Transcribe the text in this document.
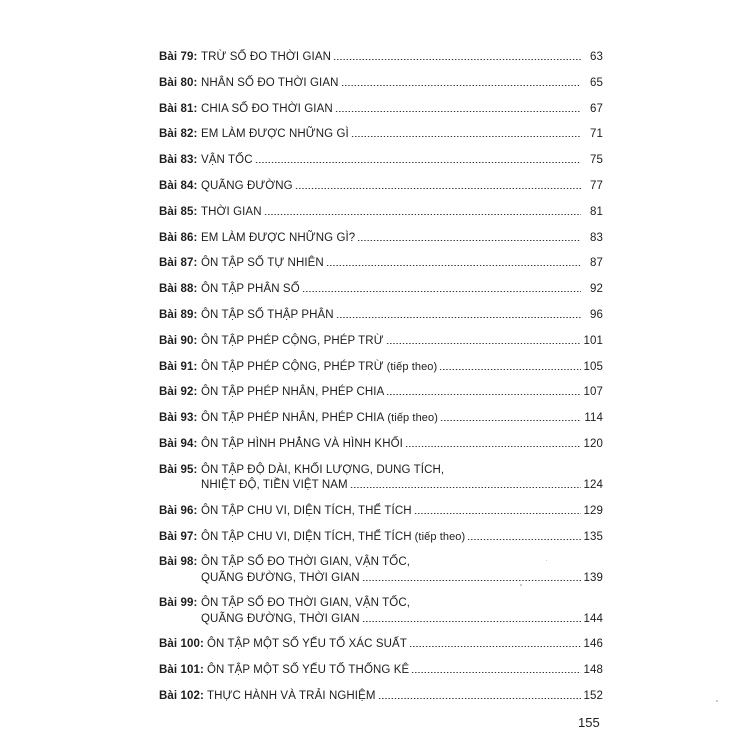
Bài 79: TRỪ SỐ ĐO THỜI GIAN	63
Bài 80: NHÂN SỐ ĐO THỜI GIAN	65
Bài 81: CHIA SỐ ĐO THỜI GIAN	67
Bài 82: EM LÀM ĐƯỢC NHỮNG GÌ	71
Bài 83: VẬN TỐC	75
Bài 84: QUÃNG ĐƯỜNG	77
Bài 85: THỜI GIAN	81
Bài 86: EM LÀM ĐƯỢC NHỮNG GÌ?	83
Bài 87: ÔN TẬP SỐ TỰ NHIÊN	87
Bài 88: ÔN TẬP PHÂN SỐ	92
Bài 89: ÔN TẬP SỐ THẬP PHÂN	96
Bài 90: ÔN TẬP PHÉP CỘNG, PHÉP TRỪ	101
Bài 91: ÔN TẬP PHÉP CỘNG, PHÉP TRỪ (tiếp theo)	105
Bài 92: ÔN TẬP PHÉP NHÂN, PHÉP CHIA	107
Bài 93: ÔN TẬP PHÉP NHÂN, PHÉP CHIA (tiếp theo)	114
Bài 94: ÔN TẬP HÌNH PHẲNG VÀ HÌNH KHỐI	120
Bài 95: ÔN TẬP ĐỘ DÀI, KHỐI LƯỢNG, DUNG TÍCH,
NHIỆT ĐỘ, TIỀN VIỆT NAM	124
Bài 96: ÔN TẬP CHU VI, DIỆN TÍCH, THỂ TÍCH	129
Bài 97: ÔN TẬP CHU VI, DIỆN TÍCH, THỂ TÍCH (tiếp theo)	135
Bài 98: ÔN TẬP SỐ ĐO THỜI GIAN, VẬN TỐC,
QUÃNG ĐƯỜNG, THỜI GIAN	139
Bài 99: ÔN TẬP SỐ ĐO THỜI GIAN, VẬN TỐC,
QUÃNG ĐƯỜNG, THỜI GIAN	144
Bài 100: ÔN TẬP MỘT SỐ YẾU TỐ XÁC SUẤT	146
Bài 101: ÔN TẬP MỘT SỐ YẾU TỐ THỐNG KÊ	148
Bài 102: THỰC HÀNH VÀ TRẢI NGHIỆM	152
155
